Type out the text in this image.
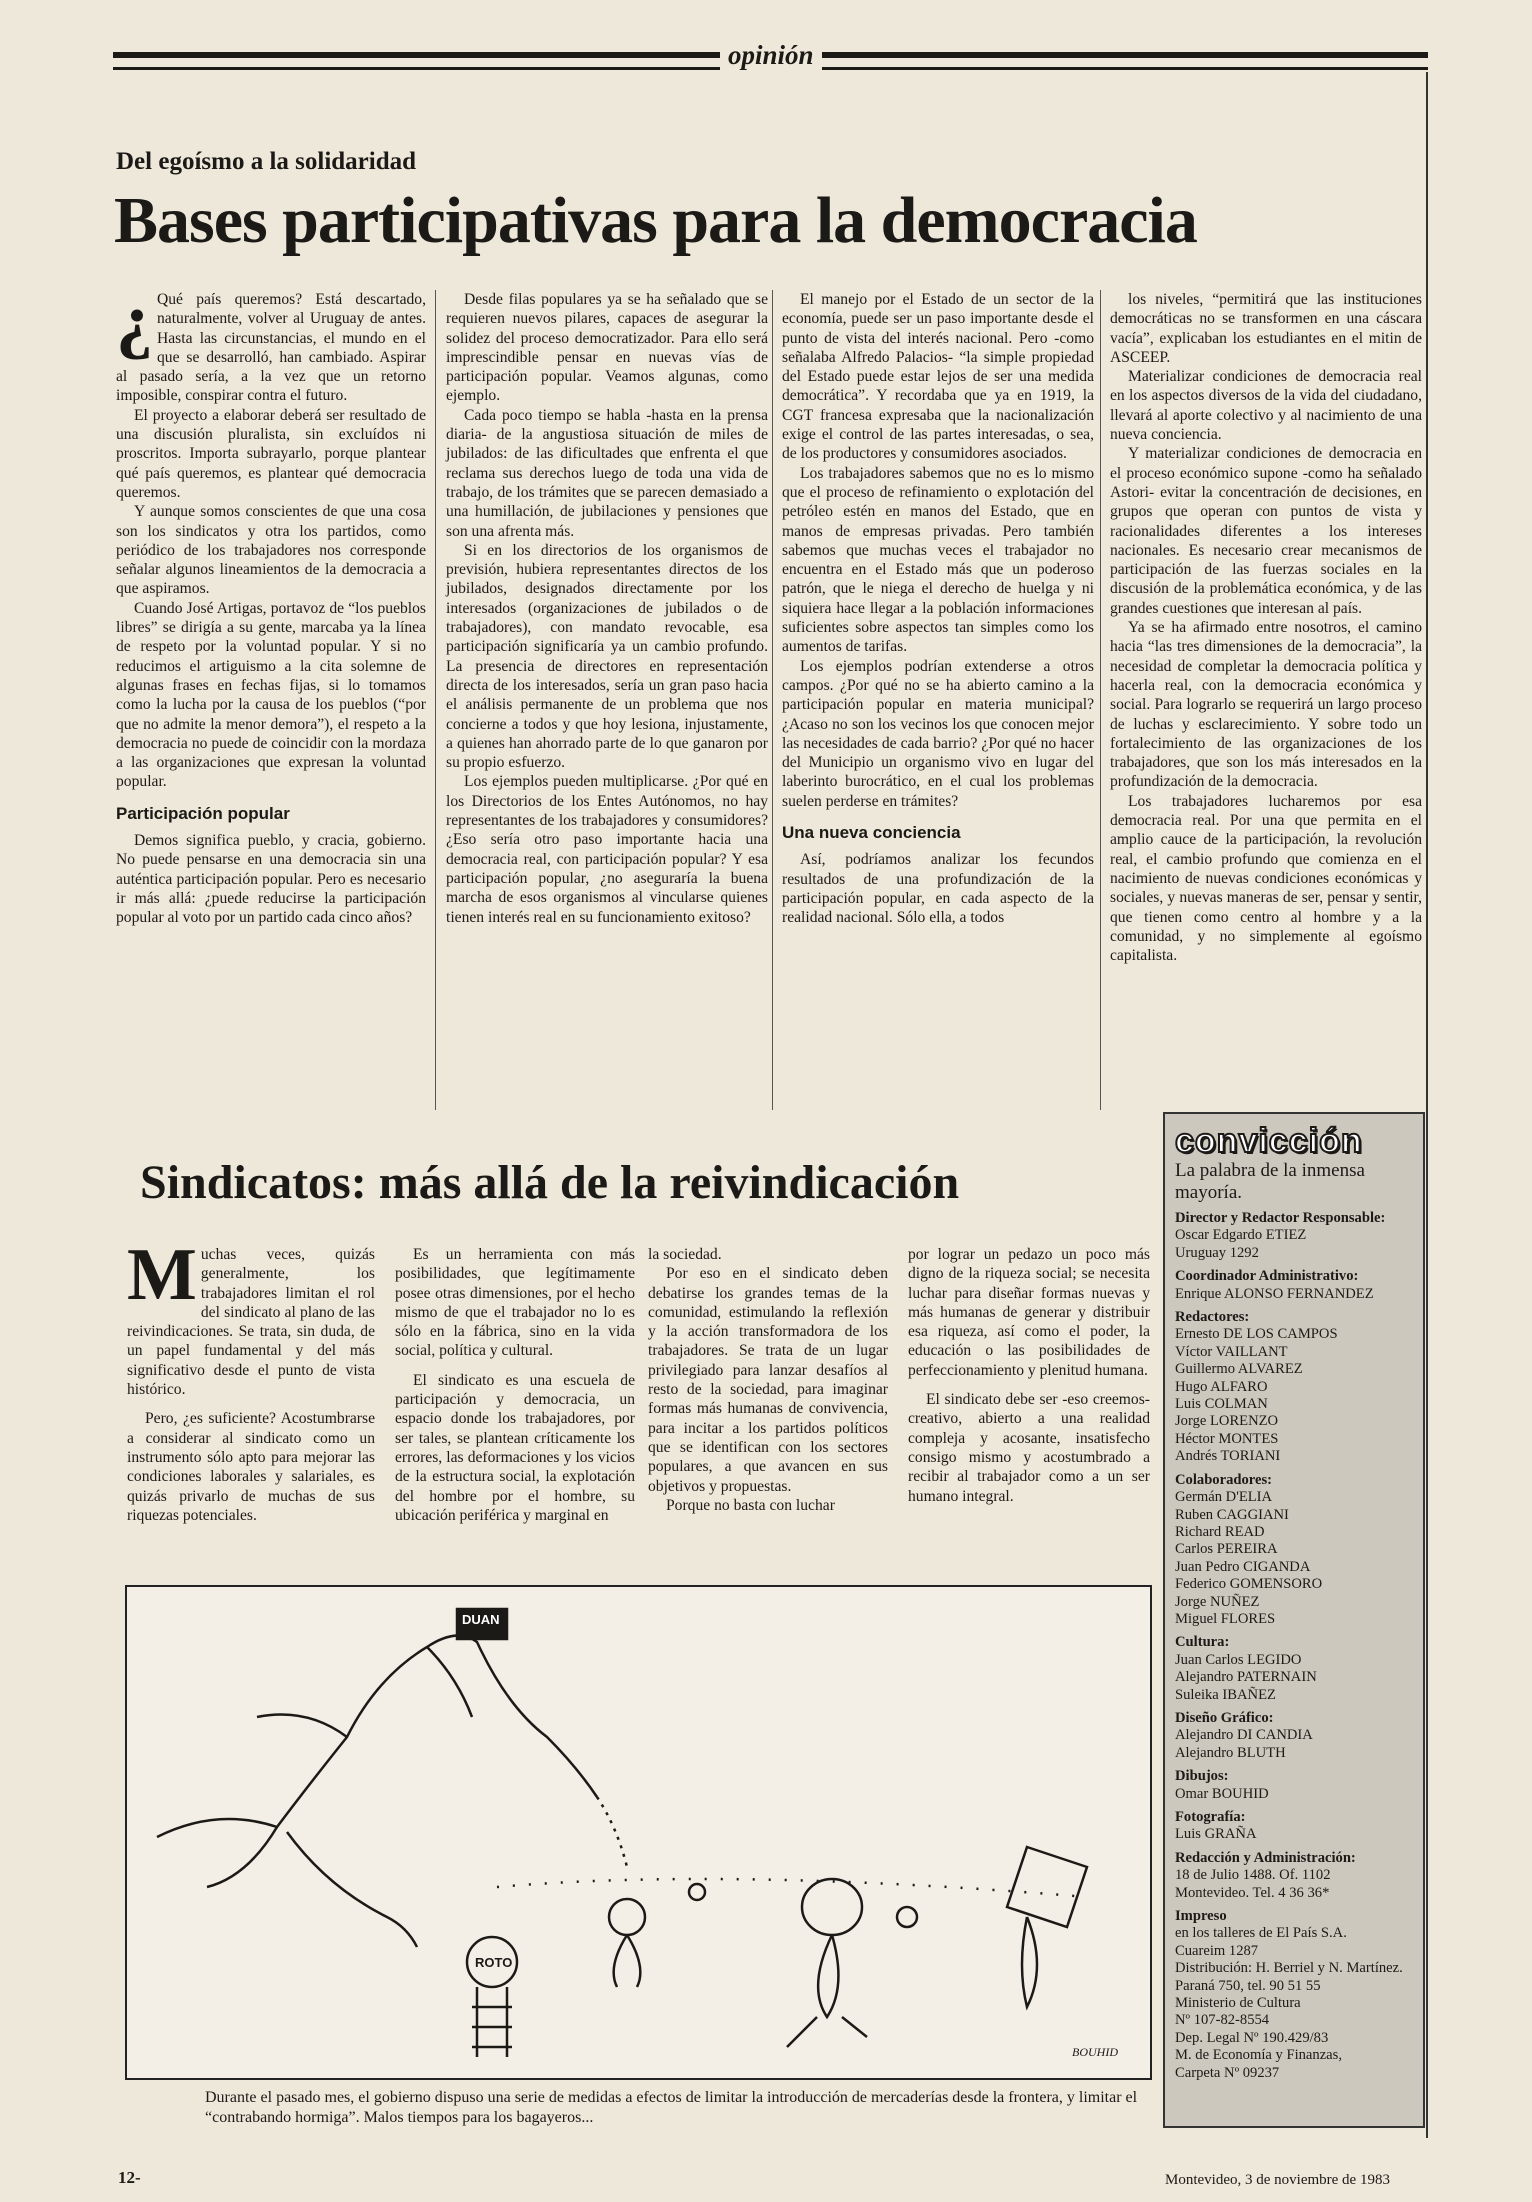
opinión
Del egoísmo a la solidaridad
Bases participativas para la democracia

¿ Qué país queremos? Está descartado, naturalmente, volver al Uruguay de antes. Hasta las circunstancias, el mundo en el que se desarrolló, han cambiado. Aspirar al pasado sería, a la vez que un retorno imposible, conspirar contra el futuro.

El proyecto a elaborar deberá ser resultado de una discusión pluralista, sin excluídos ni proscritos. Importa subrayarlo, porque plantear qué país queremos, es plantear qué democracia queremos.

Y aunque somos conscientes de que una cosa son los sindicatos y otra los partidos, como periódico de los trabajadores nos corresponde señalar algunos lineamientos de la democracia a que aspiramos.

Cuando José Artigas, portavoz de “los pueblos libres” se dirigía a su gente, marcaba ya la línea de respeto por la voluntad popular. Y si no reducimos el artiguismo a la cita solemne de algunas frases en fechas fijas, si lo tomamos como la lucha por la causa de los pueblos (“por que no admite la menor demora”), el respeto a la democracia no puede de coincidir con la mordaza a las organizaciones que expresan la voluntad popular.

Participación popular

Demos significa pueblo, y cracia, gobierno. No puede pensarse en una democracia sin una auténtica participación popular. Pero es necesario ir más allá: ¿puede reducirse la participación popular al voto por un partido cada cinco años?

Desde filas populares ya se ha señalado que se requieren nuevos pilares, capaces de asegurar la solidez del proceso democratizador. Para ello será imprescindible pensar en nuevas vías de participación popular. Veamos algunas, como ejemplo.

Cada poco tiempo se habla -hasta en la prensa diaria- de la angustiosa situación de miles de jubilados: de las dificultades que enfrenta el que reclama sus derechos luego de toda una vida de trabajo, de los trámites que se parecen demasiado a una humillación, de jubilaciones y pensiones que son una afrenta más.

Si en los directorios de los organismos de previsión, hubiera representantes directos de los jubilados, designados directamente por los interesados (organizaciones de jubilados o de trabajadores), con mandato revocable, esa participación significaría ya un cambio profundo. La presencia de directores en representación directa de los interesados, sería un gran paso hacia el análisis permanente de un problema que nos concierne a todos y que hoy lesiona, injustamente, a quienes han ahorrado parte de lo que ganaron por su propio esfuerzo.

Los ejemplos pueden multiplicarse. ¿Por qué en los Directorios de los Entes Autónomos, no hay representantes de los trabajadores y consumidores? ¿Eso sería otro paso importante hacia una democracia real, con participación popular? Y esa participación popular, ¿no aseguraría la buena marcha de esos organismos al vincularse quienes tienen interés real en su funcionamiento exitoso?

El manejo por el Estado de un sector de la economía, puede ser un paso importante desde el punto de vista del interés nacional. Pero -como señalaba Alfredo Palacios- “la simple propiedad del Estado puede estar lejos de ser una medida democrática”. Y recordaba que ya en 1919, la CGT francesa expresaba que la nacionalización exige el control de las partes interesadas, o sea, de los productores y consumidores asociados.

Los trabajadores sabemos que no es lo mismo que el proceso de refinamiento o explotación del petróleo estén en manos del Estado, que en manos de empresas privadas. Pero también sabemos que muchas veces el trabajador no encuentra en el Estado más que un poderoso patrón, que le niega el derecho de huelga y ni siquiera hace llegar a la población informaciones suficientes sobre aspectos tan simples como los aumentos de tarifas.

Los ejemplos podrían extenderse a otros campos. ¿Por qué no se ha abierto camino a la participación popular en materia municipal? ¿Acaso no son los vecinos los que conocen mejor las necesidades de cada barrio? ¿Por qué no hacer del Municipio un organismo vivo en lugar del laberinto burocrático, en el cual los problemas suelen perderse en trámites?

Una nueva conciencia

Así, podríamos analizar los fecundos resultados de una profundización de la participación popular, en cada aspecto de la realidad nacional. Sólo ella, a todos

los niveles, “permitirá que las instituciones democráticas no se transformen en una cáscara vacía”, explicaban los estudiantes en el mitin de ASCEEP.

Materializar condiciones de democracia real en los aspectos diversos de la vida del ciudadano, llevará al aporte colectivo y al nacimiento de una nueva conciencia.

Y materializar condiciones de democracia en el proceso económico supone -como ha señalado Astori- evitar la concentración de decisiones, en grupos que operan con puntos de vista y racionalidades diferentes a los intereses nacionales. Es necesario crear mecanismos de participación de las fuerzas sociales en la discusión de la problemática económica, y de las grandes cuestiones que interesan al país.

Ya se ha afirmado entre nosotros, el camino hacia “las tres dimensiones de la democracia”, la necesidad de completar la democracia política y hacerla real, con la democracia económica y social. Para lograrlo se requerirá un largo proceso de luchas y esclarecimiento. Y sobre todo un fortalecimiento de las organizaciones de los trabajadores, que son los más interesados en la profundización de la democracia.

Los trabajadores lucharemos por esa democracia real. Por una que permita en el amplio cauce de la participación, la revolución real, el cambio profundo que comienza en el nacimiento de nuevas condiciones económicas y sociales, y nuevas maneras de ser, pensar y sentir, que tienen como centro al hombre y a la comunidad, y no simplemente al egoísmo capitalista.

Sindicatos: más allá de la reivindicación

Muchas veces, quizás generalmente, los trabajadores limitan el rol del sindicato al plano de las reivindicaciones. Se trata, sin duda, de un papel fundamental y del más significativo desde el punto de vista histórico.

Pero, ¿es suficiente? Acostumbrarse a considerar al sindicato como un instrumento sólo apto para mejorar las condiciones laborales y salariales, es quizás privarlo de muchas de sus riquezas potenciales.

Es un herramienta con más posibilidades, que legítimamente posee otras dimensiones, por el hecho mismo de que el trabajador no lo es sólo en la fábrica, sino en la vida social, política y cultural.

El sindicato es una escuela de participación y democracia, un espacio donde los trabajadores, por ser tales, se plantean críticamente los errores, las deformaciones y los vicios de la estructura social, la explotación del hombre por el hombre, su ubicación periférica y marginal en

la sociedad.

Por eso en el sindicato deben debatirse los grandes temas de la comunidad, estimulando la reflexión y la acción transformadora de los trabajadores. Se trata de un lugar privilegiado para lanzar desafíos al resto de la sociedad, para imaginar formas más humanas de convivencia, para incitar a los partidos políticos que se identifican con los sectores populares, a que avancen en sus objetivos y propuestas.

Porque no basta con luchar

por lograr un pedazo un poco más digno de la riqueza social; se necesita luchar para diseñar formas nuevas y más humanas de generar y distribuir esa riqueza, así como el poder, la educación o las posibilidades de perfeccionamiento y plenitud humana.

El sindicato debe ser -eso creemos- creativo, abierto a una realidad compleja y acosante, insatisfecho consigo mismo y acostumbrado a recibir al trabajador como a un ser humano integral.

DUAN
ROTO
BOUHID

Durante el pasado mes, el gobierno dispuso una serie de medidas a efectos de limitar la introducción de mercaderías desde la frontera, y limitar el “contrabando hormiga”. Malos tiempos para los bagayeros...

convicción
La palabra de la inmensa mayoría.
Director y Redactor Responsable:
Oscar Edgardo ETIEZ
Uruguay 1292
Coordinador Administrativo:
Enrique ALONSO FERNANDEZ
Redactores:
Ernesto DE LOS CAMPOS
Víctor VAILLANT
Guillermo ALVAREZ
Hugo ALFARO
Luis COLMAN
Jorge LORENZO
Héctor MONTES
Andrés TORIANI
Colaboradores:
Germán D'ELIA
Ruben CAGGIANI
Richard READ
Carlos PEREIRA
Juan Pedro CIGANDA
Federico GOMENSORO
Jorge NUÑEZ
Miguel FLORES
Cultura:
Juan Carlos LEGIDO
Alejandro PATERNAIN
Suleika IBAÑEZ
Diseño Gráfico:
Alejandro DI CANDIA
Alejandro BLUTH
Dibujos:
Omar BOUHID
Fotografía:
Luis GRAÑA
Redacción y Administración:
18 de Julio 1488. Of. 1102
Montevideo. Tel. 4 36 36*
Impreso
en los talleres de El País S.A.
Cuareim 1287
Distribución: H. Berriel y N. Martínez. Paraná 750, tel. 90 51 55
Ministerio de Cultura
Nº 107-82-8554
Dep. Legal Nº 190.429/83
M. de Economía y Finanzas,
Carpeta Nº 09237
12-	Montevideo, 3 de noviembre de 1983
